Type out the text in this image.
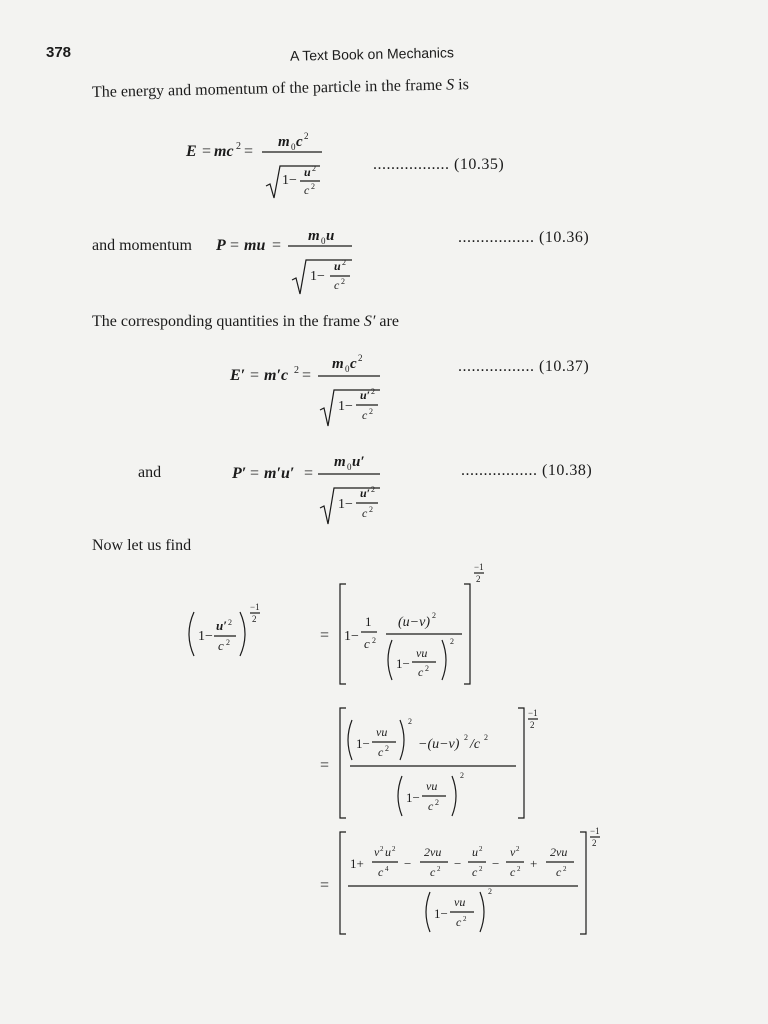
378	A Text Book on Mechanics
The energy and momentum of the particle in the frame S is
E = mc 2 =
m 0 c 2
1−
u 2
c 2
................. (10.35)
and momentum P = mu =
m 0 u
1−
u 2
c 2
................. (10.36)
The corresponding quantities in the frame S′ are
E′ = m′c 2 =
m 0 c 2
1−
u′ 2
c 2
................. (10.37)
and	P′ = m′u′ =
m 0 u′
1−
u′ 2
c 2
................. (10.38)
Now let us find
1−
u′ 2
c 2
−1
2
= 1−
1
c 2
(u−v) 2
1−
vu
c 2
2
−1
2
=
1−
vu
c 2
2
−(u−v) 2 /c 2
1−
vu
c 2
2
−1
2
=
1+
v 2 u 2
c 4 −
2vu
c 2 −
u 2
c 2 −
v 2
c 2 +
2vu
c 2
1−
vu
c 2
2
−1
2
